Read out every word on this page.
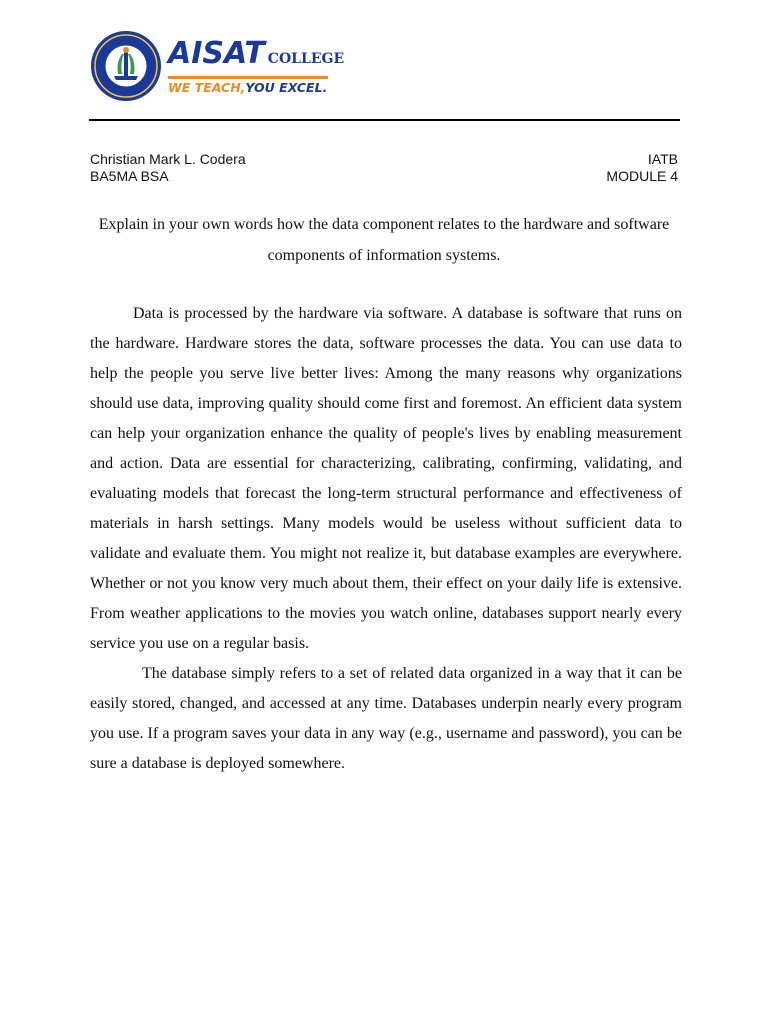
AISAT COLLEGE
WE TEACH,YOU EXCEL.
Christian Mark L. Codera
BA5MA BSA
IATB
MODULE 4
Explain in your own words how the data component relates to the hardware and software components of information systems.

Data is processed by the hardware via software. A database is software that runs on the hardware. Hardware stores the data, software processes the data. You can use data to help the people you serve live better lives: Among the many reasons why organizations should use data, improving quality should come first and foremost. An efficient data system can help your organization enhance the quality of people's lives by enabling measurement and action. Data are essential for characterizing, calibrating, confirming, validating, and evaluating models that forecast the long-term structural performance and effectiveness of materials in harsh settings. Many models would be useless without sufficient data to validate and evaluate them. You might not realize it, but database examples are everywhere. Whether or not you know very much about them, their effect on your daily life is extensive. From weather applications to the movies you watch online, databases support nearly every service you use on a regular basis.

The database simply refers to a set of related data organized in a way that it can be easily stored, changed, and accessed at any time. Databases underpin nearly every program you use. If a program saves your data in any way (e.g., username and password), you can be sure a database is deployed somewhere.
